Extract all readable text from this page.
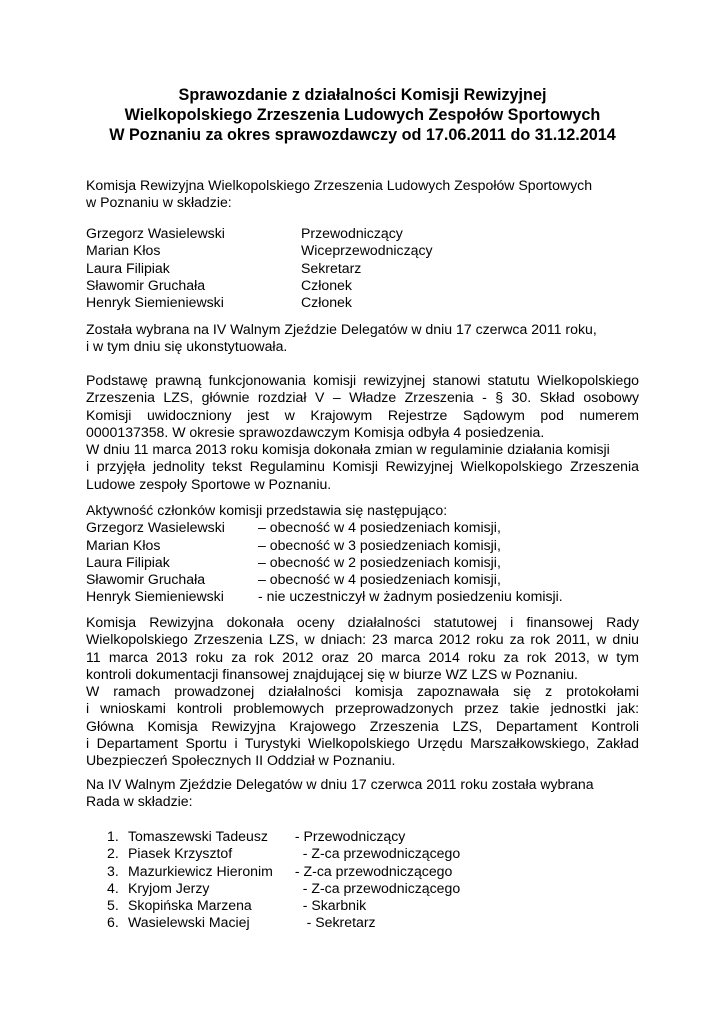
Sprawozdanie z działalności Komisji Rewizyjnej
Wielkopolskiego Zrzeszenia Ludowych Zespołów Sportowych
W Poznaniu za okres sprawozdawczy od 17.06.2011 do 31.12.2014
Komisja Rewizyjna Wielkopolskiego Zrzeszenia Ludowych Zespołów Sportowych
w Poznaniu w składzie:
Grzegorz Wasielewski	Przewodniczący
Marian Kłos	Wiceprzewodniczący
Laura Filipiak	Sekretarz
Sławomir Gruchała	Członek
Henryk Siemieniewski	Członek
Została wybrana na IV Walnym Zjeździe Delegatów w dniu 17 czerwca 2011 roku,
i w tym dniu się ukonstytuowała.
Podstawę prawną funkcjonowania komisji rewizyjnej stanowi statutu Wielkopolskiego
Zrzeszenia LZS, głównie rozdział V – Władze Zrzeszenia - § 30. Skład osobowy
Komisji uwidoczniony jest w Krajowym Rejestrze Sądowym pod numerem
0000137358. W okresie sprawozdawczym Komisja odbyła 4 posiedzenia.
W dniu 11 marca 2013 roku komisja dokonała zmian w regulaminie działania komisji
i przyjęła jednolity tekst Regulaminu Komisji Rewizyjnej Wielkopolskiego Zrzeszenia
Ludowe zespoły Sportowe w Poznaniu.
Aktywność członków komisji przedstawia się następująco:
Grzegorz Wasielewski	– obecność w 4 posiedzeniach komisji,
Marian Kłos	– obecność w 3 posiedzeniach komisji,
Laura Filipiak	– obecność w 2 posiedzeniach komisji,
Sławomir Gruchała	– obecność w 4 posiedzeniach komisji,
Henryk Siemieniewski	- nie uczestniczył w żadnym posiedzeniu komisji.
Komisja Rewizyjna dokonała oceny działalności statutowej i finansowej Rady
Wielkopolskiego Zrzeszenia LZS, w dniach: 23 marca 2012 roku za rok 2011, w dniu
11 marca 2013 roku za rok 2012 oraz 20 marca 2014 roku za rok 2013, w tym
kontroli dokumentacji finansowej znajdującej się w biurze WZ LZS w Poznaniu.
W ramach prowadzonej działalności komisja zapoznawała się z protokołami
i wnioskami kontroli problemowych przeprowadzonych przez takie jednostki jak:
Główna Komisja Rewizyjna Krajowego Zrzeszenia LZS, Departament Kontroli
i Departament Sportu i Turystyki Wielkopolskiego Urzędu Marszałkowskiego, Zakład
Ubezpieczeń Społecznych II Oddział w Poznaniu.
Na IV Walnym Zjeździe Delegatów w dniu 17 czerwca 2011 roku została wybrana
Rada w składzie:
1. Tomaszewski Tadeusz	- Przewodniczący
2. Piasek Krzysztof	- Z-ca przewodniczącego
3. Mazurkiewicz Hieronim	- Z-ca przewodniczącego
4. Kryjom Jerzy	- Z-ca przewodniczącego
5. Skopińska Marzena	- Skarbnik
6. Wasielewski Maciej	- Sekretarz
